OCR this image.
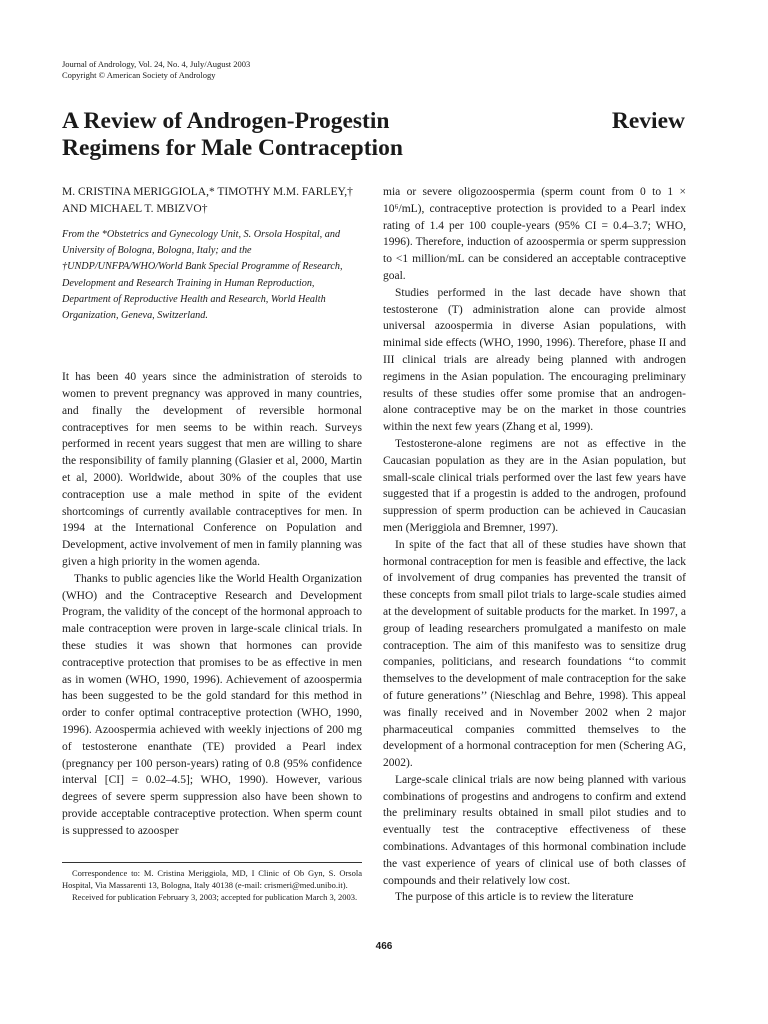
Journal of Andrology, Vol. 24, No. 4, July/August 2003
Copyright © American Society of Andrology
A Review of Androgen-Progestin Regimens for Male Contraception
Review

M. CRISTINA MERIGGIOLA,* TIMOTHY M.M. FARLEY,† AND MICHAEL T. MBIZVO†

From the *Obstetrics and Gynecology Unit, S. Orsola Hospital, and University of Bologna, Bologna, Italy; and the †UNDP/UNFPA/WHO/World Bank Special Programme of Research, Development and Research Training in Human Reproduction, Department of Reproductive Health and Research, World Health Organization, Geneva, Switzerland.

It has been 40 years since the administration of steroids to women to prevent pregnancy was approved in many countries, and finally the development of reversible hormonal contraceptives for men seems to be within reach. Surveys performed in recent years suggest that men are willing to share the responsibility of family planning (Glasier et al, 2000, Martin et al, 2000). Worldwide, about 30% of the couples that use contraception use a male method in spite of the evident shortcomings of currently available contraceptives for men. In 1994 at the International Conference on Population and Development, active involvement of men in family planning was given a high priority in the women agenda.

Thanks to public agencies like the World Health Organization (WHO) and the Contraceptive Research and Development Program, the validity of the concept of the hormonal approach to male contraception were proven in large-scale clinical trials. In these studies it was shown that hormones can provide contraceptive protection that promises to be as effective in men as in women (WHO, 1990, 1996). Achievement of azoospermia has been suggested to be the gold standard for this method in order to confer optimal contraceptive protection (WHO, 1990, 1996). Azoospermia achieved with weekly injections of 200 mg of testosterone enanthate (TE) provided a Pearl index (pregnancy per 100 person-years) rating of 0.8 (95% confidence interval [CI] = 0.02–4.5]; WHO, 1990). However, various degrees of severe sperm suppression also have been shown to provide acceptable contraceptive protection. When sperm count is suppressed to azoosper

mia or severe oligozoospermia (sperm count from 0 to 1 × 10⁶/mL), contraceptive protection is provided to a Pearl index rating of 1.4 per 100 couple-years (95% CI = 0.4–3.7; WHO, 1996). Therefore, induction of azoospermia or sperm suppression to <1 million/mL can be considered an acceptable contraceptive goal.

Studies performed in the last decade have shown that testosterone (T) administration alone can provide almost universal azoospermia in diverse Asian populations, with minimal side effects (WHO, 1990, 1996). Therefore, phase II and III clinical trials are already being planned with androgen regimens in the Asian population. The encouraging preliminary results of these studies offer some promise that an androgen-alone contraceptive may be on the market in those countries within the next few years (Zhang et al, 1999).

Testosterone-alone regimens are not as effective in the Caucasian population as they are in the Asian population, but small-scale clinical trials performed over the last few years have suggested that if a progestin is added to the androgen, profound suppression of sperm production can be achieved in Caucasian men (Meriggiola and Bremner, 1997).

In spite of the fact that all of these studies have shown that hormonal contraception for men is feasible and effective, the lack of involvement of drug companies has prevented the transit of these concepts from small pilot trials to large-scale studies aimed at the development of suitable products for the market. In 1997, a group of leading researchers promulgated a manifesto on male contraception. The aim of this manifesto was to sensitize drug companies, politicians, and research foundations ‘‘to commit themselves to the development of male contraception for the sake of future generations’’ (Nieschlag and Behre, 1998). This appeal was finally received and in November 2002 when 2 major pharmaceutical companies committed themselves to the development of a hormonal contraception for men (Schering AG, 2002).

Large-scale clinical trials are now being planned with various combinations of progestins and androgens to confirm and extend the preliminary results obtained in small pilot studies and to eventually test the contraceptive effectiveness of these combinations. Advantages of this hormonal combination include the vast experience of years of clinical use of both classes of compounds and their relatively low cost.

The purpose of this article is to review the literature

Correspondence to: M. Cristina Meriggiola, MD, I Clinic of Ob Gyn, S. Orsola Hospital, Via Massarenti 13, Bologna, Italy 40138 (e-mail: crismeri@med.unibo.it).

Received for publication February 3, 2003; accepted for publication March 3, 2003.

466
